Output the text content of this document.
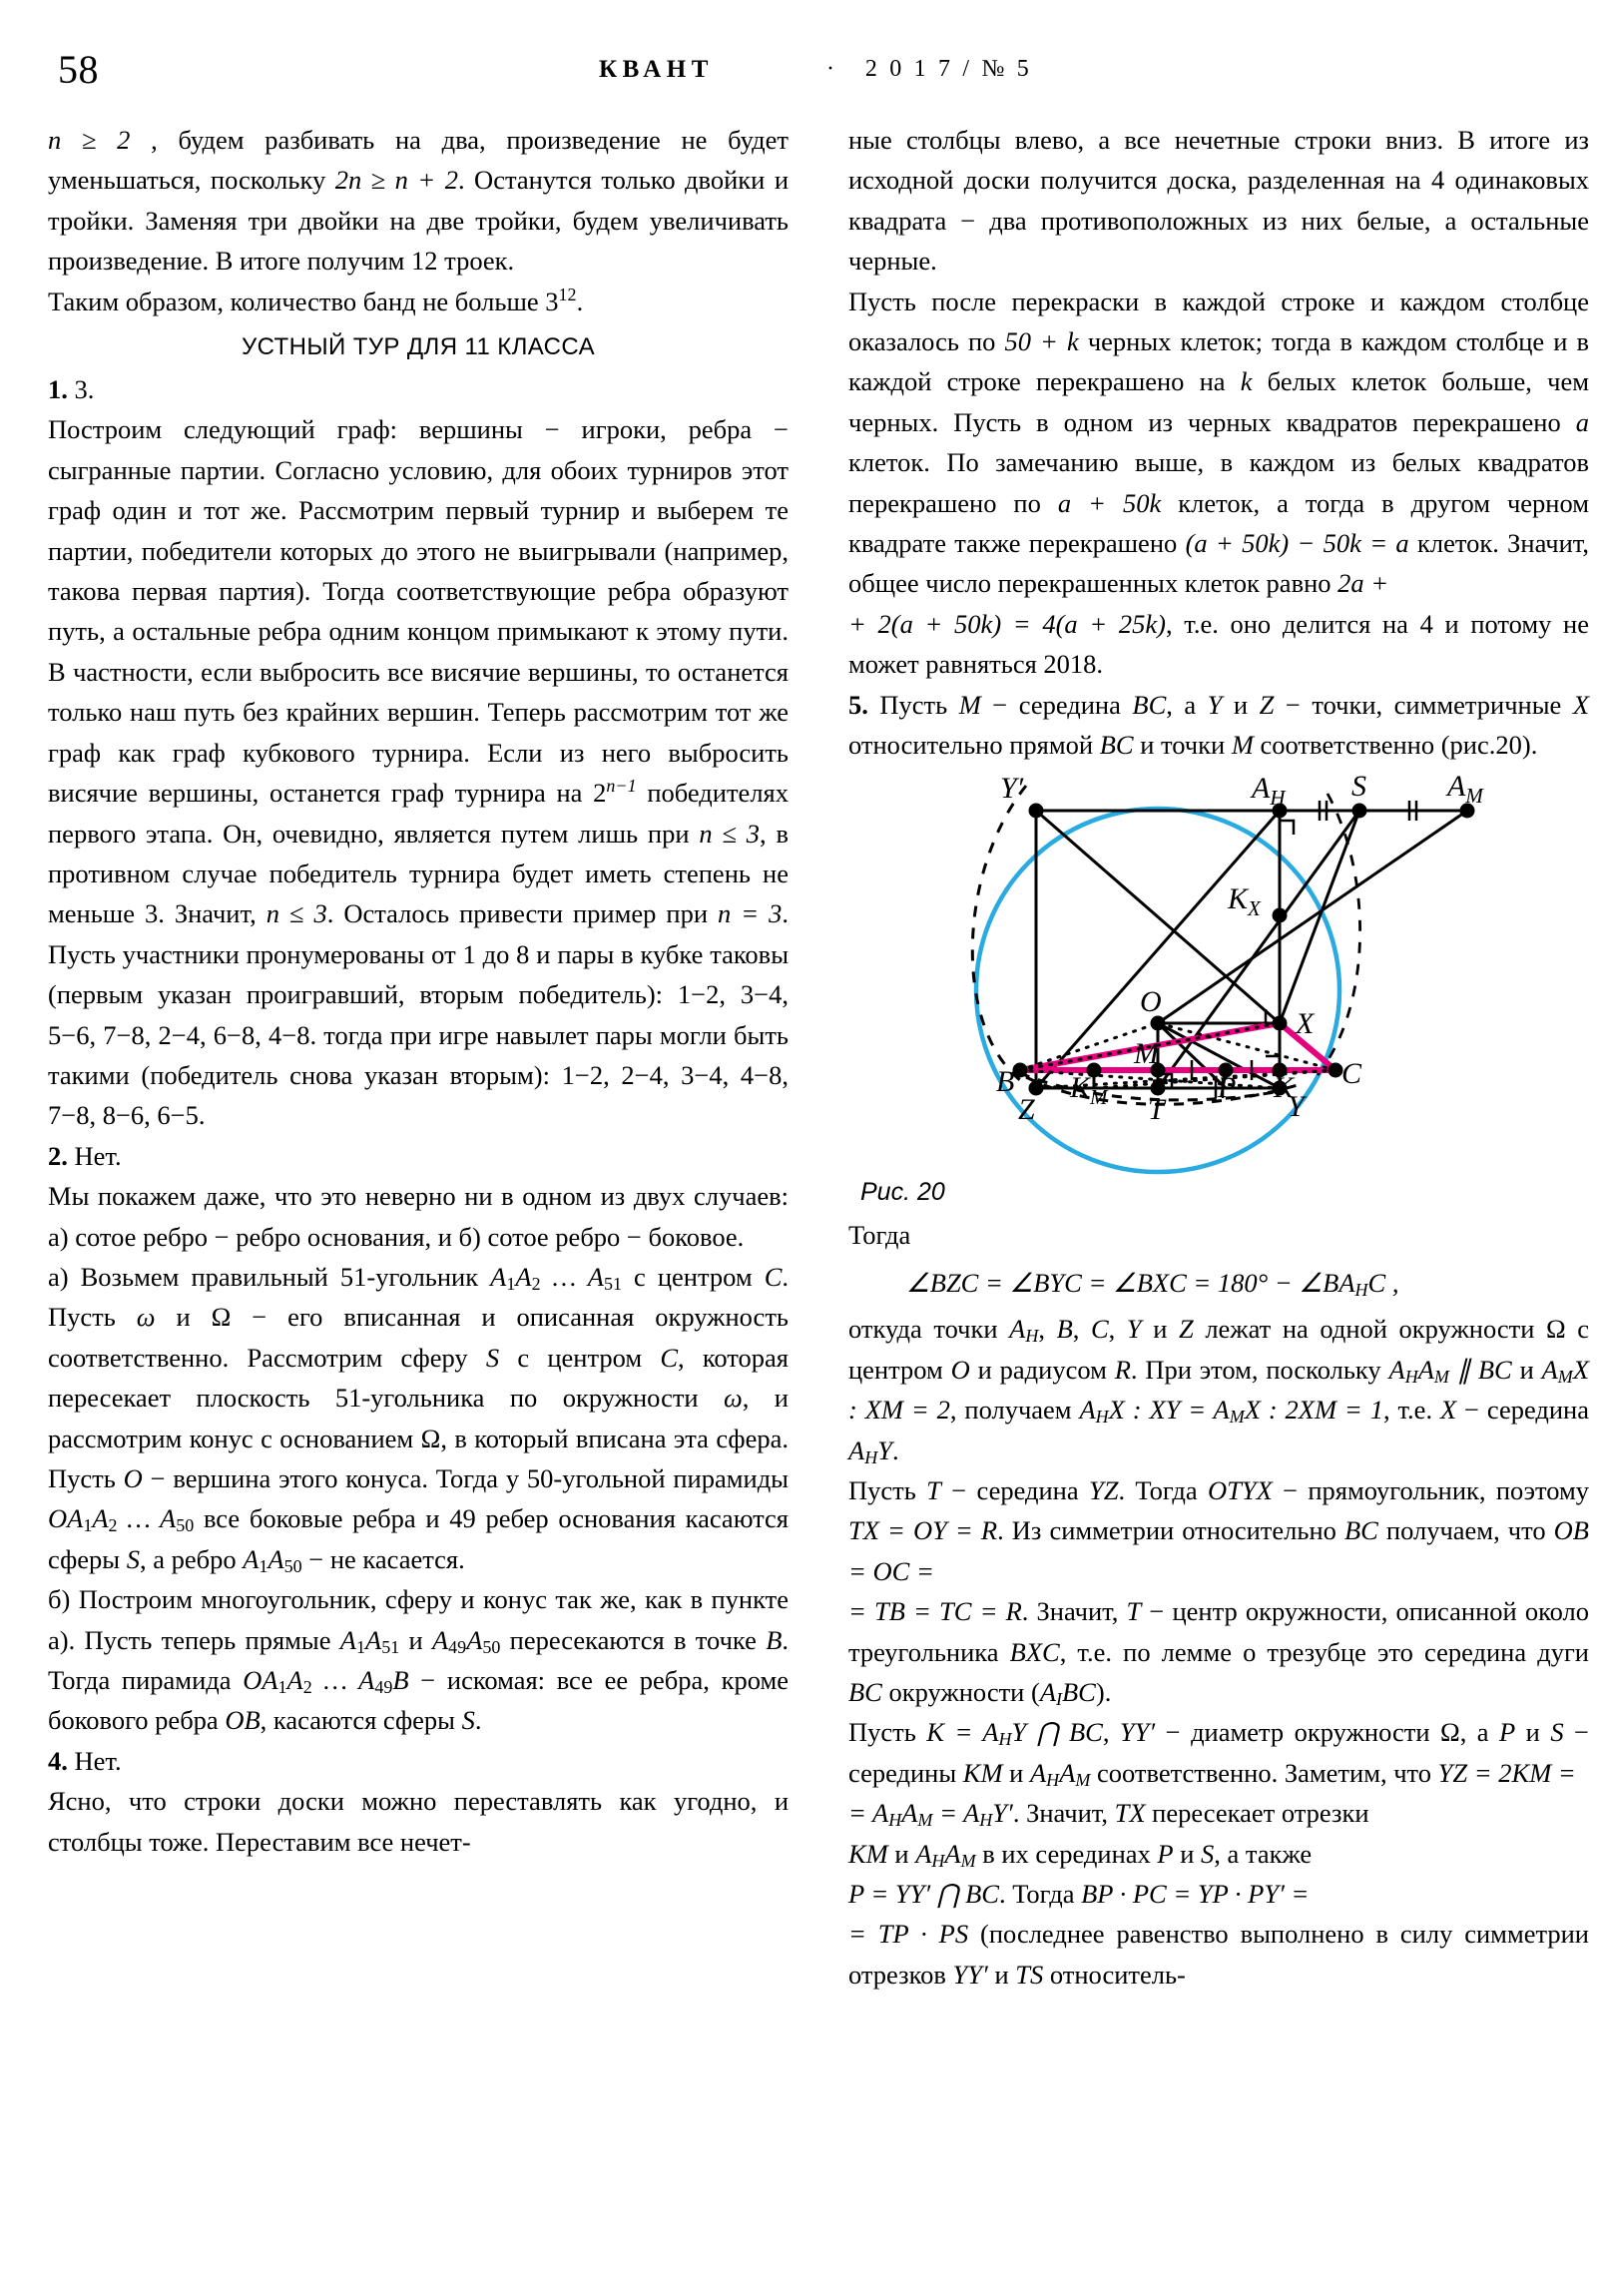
58	КВАНТ	· 2 0 1 7 / № 5

n ≥ 2 , будем разбивать на два, произведение не будет уменьшаться, поскольку 2n ≥ n + 2. Останутся только двойки и тройки. Заменяя три двойки на две тройки, будем увеличивать произведение. В итоге получим 12 троек.

Таким образом, количество банд не больше $3^{12}$.

УСТНЫЙ ТУР ДЛЯ 11 КЛАССА

1. 3.

Построим следующий граф: вершины − игроки, ребра − сыгранные партии. Согласно условию, для обоих турниров этот граф один и тот же. Рассмотрим первый турнир и выберем те партии, победители которых до этого не выигрывали (например, такова первая партия). Тогда соответствующие ребра образуют путь, а остальные ребра одним концом примыкают к этому пути. В частности, если выбросить все висячие вершины, то останется только наш путь без крайних вершин. Теперь рассмотрим тот же граф как граф кубкового турнира. Если из него выбросить висячие вершины, останется граф турнира на $2^{n-1}$ победителях первого этапа. Он, очевидно, является путем лишь при n ≤ 3, в противном случае победитель турнира будет иметь степень не меньше 3. Значит, n ≤ 3. Осталось привести пример при n = 3. Пусть участники пронумерованы от 1 до 8 и пары в кубке таковы (первым указан проигравший, вторым победитель): 1−2, 3−4, 5−6, 7−8, 2−4, 6−8, 4−8. тогда при игре навылет пары могли быть такими (победитель снова указан вторым): 1−2, 2−4, 3−4, 4−8, 7−8, 8−6, 6−5.

2. Нет.

Мы покажем даже, что это неверно ни в одном из двух случаев: а) сотое ребро − ребро основания, и б) сотое ребро − боковое.

а) Возьмем правильный 51-угольник $A_1A_2$ … $A_{51}$ с центром C. Пусть ω и Ω − его вписанная и описанная окружность соответственно. Рассмотрим сферу S с центром C, которая пересекает плоскость 51-угольника по окружности ω, и рассмотрим конус с основанием Ω, в который вписана эта сфера. Пусть O − вершина этого конуса. Тогда у 50-угольной пирамиды $OA_1A_2$ … $A_{50}$ все боковые ребра и 49 ребер основания касаются сферы S, а ребро $A_1A_{50}$ − не касается.

б) Построим многоугольник, сферу и конус так же, как в пункте а). Пусть теперь прямые $A_1A_{51}$ и $A_{49}A_{50}$ пересекаются в точке B. Тогда пирамида $OA_1A_2$ … $A_{49}B$ − искомая: все ее ребра, кроме бокового ребра OB, касаются сферы S.

4. Нет.

Ясно, что строки доски можно переставлять как угодно, и столбцы тоже. Переставим все нечет-

ные столбцы влево, а все нечетные строки вниз. В итоге из исходной доски получится доска, разделенная на 4 одинаковых квадрата − два противоположных из них белые, а остальные черные.

Пусть после перекраски в каждой строке и каждом столбце оказалось по 50 + k черных клеток; тогда в каждом столбце и в каждой строке перекрашено на k белых клеток больше, чем черных. Пусть в одном из черных квадратов перекрашено a клеток. По замечанию выше, в каждом из белых квадратов перекрашено по a + 50k клеток, а тогда в другом черном квадрате также перекрашено (a + 50k) − 50k = a клеток. Значит, общее число перекрашенных клеток равно 2a +
+ 2(a + 50k) = 4(a + 25k), т.е. оно делится на 4 и потому не может равняться 2018.

5. Пусть M − середина BC, а Y и Z − точки, симметричные X относительно прямой BC и точки M соответственно (рис.20).

Y′	$A_H$ S	$A_M$
$K_X$
O
X
B	C
$K_M$
M
P K
Z	T	Y
Рис. 20

Тогда

∠BZC = ∠BYC = ∠BXC = $180^\circ - \angle BA_HC$ ,

откуда точки $A_H$, B, C, Y и Z лежат на одной окружности Ω с центром O и радиусом R. При этом, поскольку $A_HA_M$ ∥ BC и $A_MX$ : XM = 2, получаем $A_HX$ : XY = $A_MX$ : 2XM = 1, т.е. X − середина $A_HY$.

Пусть T − середина YZ. Тогда OTYX − прямоугольник, поэтому TX = OY = R. Из симметрии относительно BC получаем, что OB = OC =
= TB = TC = R. Значит, T − центр окружности, описанной около треугольника BXC, т.е. по лемме о трезубце это середина дуги BC окружности $(A_IBC)$.

Пусть $K = A_HY$ ⋂ BC, YY′ − диаметр окружности Ω, а P и S − середины KM и $A_HA_M$ соответственно. Заметим, что YZ = 2KM =
= $A_HA_M = A_HY'$. Значит, TX пересекает отрезки
KM и $A_HA_M$ в их серединах P и S, а также
P = YY′ ⋂ BC. Тогда BP · PC = YP · PY′ =
= TP · PS (последнее равенство выполнено в силу симметрии отрезков YY′ и TS относитель-
